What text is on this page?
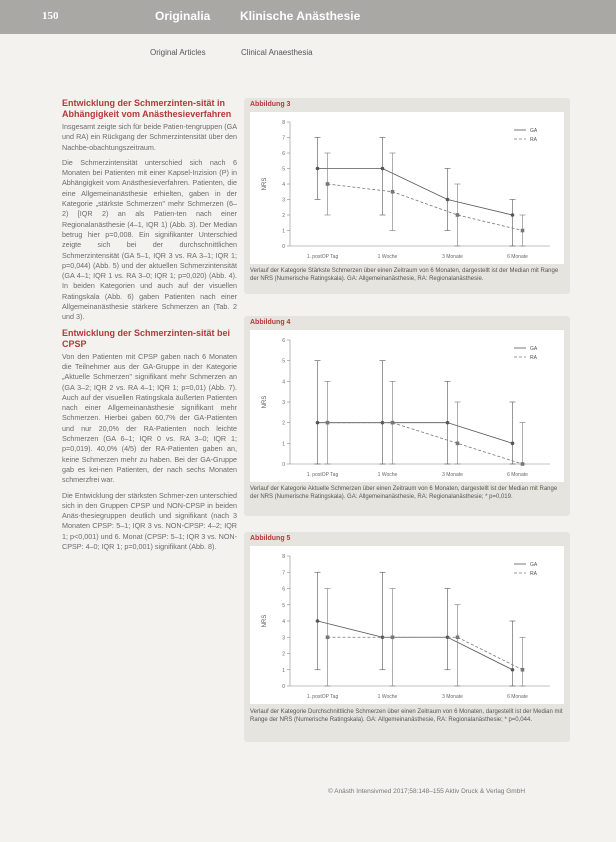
150	Originalia Klinische Anästhesie
Original Articles	Clinical Anaesthesia
Entwicklung der Schmerzinten-sität in Abhängigkeit vom Anästhesieverfahren

Insgesamt zeigte sich für beide Patien-tengruppen (GA und RA) ein Rückgang der Schmerzintensität über den Nachbe-obachtungszeitraum.

Die Schmerzintensität unterschied sich nach 6 Monaten bei Patienten mit einer Kapsel-Inzision (P) in Abhängigkeit vom Anästhesieverfahren. Patienten, die eine Allgemeinanästhesie erhielten, gaben in der Kategorie „stärkste Schmerzen" mehr Schmerzen (6–2) [IQR 2) an als Patien-ten nach einer Regionalanästhesie (4–1, IQR 1) (Abb. 3). Der Median betrug hier p=0,008. Ein signifikanter Unterschied zeigte sich bei der durchschnittlichen Schmerzintensität (GA 5–1, IQR 3 vs. RA 3–1; IQR 1; p=0,044) (Abb. 5) und der aktuellen Schmerzintensität (GA 4–1; IQR 1 vs. RA 3–0; IQR 1; p=0,020) (Abb. 4). In beiden Kategorien und auch auf der visuellen Ratingskala (Abb. 6) gaben Patienten nach einer Allgemeinanästhesie stärkere Schmerzen an (Tab. 2 und 3).

Entwicklung der Schmerzinten-sität bei CPSP

Von den Patienten mit CPSP gaben nach 6 Monaten die Teilnehmer aus der GA-Gruppe in der Kategorie „Aktuelle Schmerzen" signifikant mehr Schmerzen an (GA 3–2; IQR 2 vs. RA 4–1; IQR 1; p=0,01) (Abb. 7). Auch auf der visuellen Ratingskala äußerten Patienten nach einer Allgemeinanästhesie signifikant mehr Schmerzen. Hierbei gaben 60,7% der GA-Patienten und nur 20,0% der RA-Patienten noch leichte Schmerzen (GA 6–1; IQR 0 vs. RA 3–0; IQR 1; p=0,019). 40,0% (4/5) der RA-Patienten gaben an, keine Schmerzen mehr zu haben. Bei der GA-Gruppe gab es kei-nen Patienten, der nach sechs Monaten schmerzfrei war.

Die Entwicklung der stärksten Schmer-zen unterschied sich in den Gruppen CPSP und NON-CPSP in beiden Anäs-thesiegruppen deutlich und signifikant (nach 3 Monaten CPSP: 5–1; IQR 3 vs. NON-CPSP: 4–2; IQR 1; p<0,001) und 6. Monat (CPSP: 5–1; IQR 3 vs. NON-CPSP: 4–0; IQR 1; p=0,001) signifikant (Abb. 8).

Abbildung 3
0
1
2
3
4
5
6
7
8
NRS
1. postOP Tag	1 Woche	3 Monate	6 Monate
GA
RA
Verlauf der Kategorie Stärkste Schmerzen über einen Zeitraum von 6 Monaten, dargestellt ist der Median mit Range der NRS (Numerische Ratingskala). GA: Allgemeinanästhesie, RA: Regionalanästhesie.
Abbildung 4
0
1
2
3
4
5
6
NRS
1. postOP Tag	1 Woche	3 Monate	6 Monate
GA
RA
Verlauf der Kategorie Aktuelle Schmerzen über einen Zeitraum von 6 Monaten, dargestellt ist der Median mit Range der NRS (Numerische Ratingskala). GA: Allgemeinanästhesie, RA: Regionalanästhesie; * p=0,019.
Abbildung 5
0
1
2
3
4
5
6
7
8
NRS
1. postOP Tag	1 Woche	3 Monate	6 Monate
GA
RA
Verlauf der Kategorie Durchschnittliche Schmerzen über einen Zeitraum von 6 Monaten, dargestellt ist der Median mit Range der NRS (Numerische Ratingskala). GA: Allgemeinanästhesie, RA: Regionalanästhesie; * p=0,044.
© Anästh Intensivmed 2017;58:148–155 Aktiv Druck & Verlag GmbH
